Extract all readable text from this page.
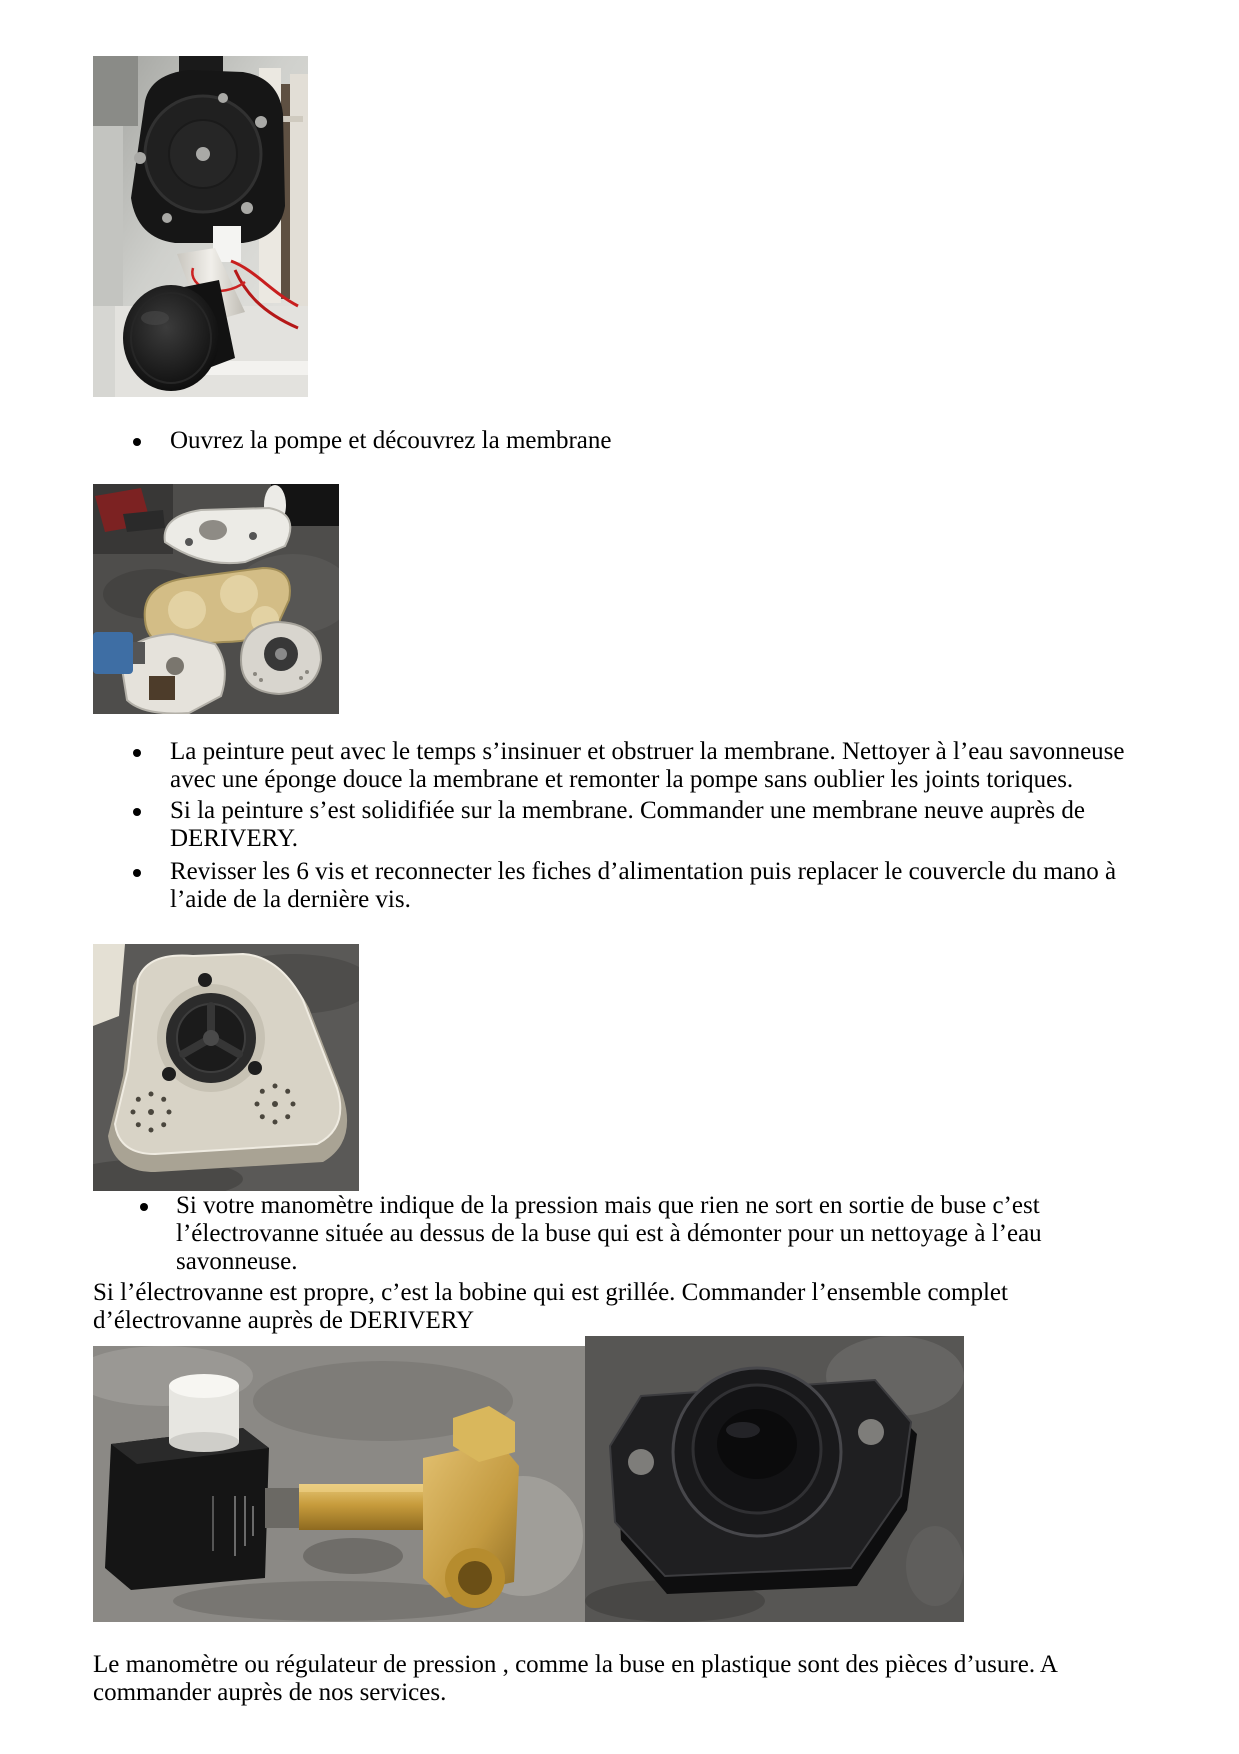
Ouvrez la pompe et découvrez la membrane
La peinture peut avec le temps s’insinuer et obstruer la membrane. Nettoyer à l’eau savonneuse
avec une éponge douce la membrane et remonter la pompe sans oublier les joints toriques.
Si la peinture s’est solidifiée sur la membrane. Commander une membrane neuve auprès de
DERIVERY.
Revisser les 6 vis et reconnecter les fiches d’alimentation puis replacer le couvercle du mano à
l’aide de la dernière vis.
Si votre manomètre indique de la pression mais que rien ne sort en sortie de buse c’est
l’électrovanne située au dessus de la buse qui est à démonter pour un nettoyage à l’eau
savonneuse.
Si l’électrovanne est propre, c’est la bobine qui est grillée. Commander l’ensemble complet
d’électrovanne auprès de DERIVERY
Le manomètre ou régulateur de pression , comme la buse en plastique sont des pièces d’usure. A
commander auprès de nos services.
